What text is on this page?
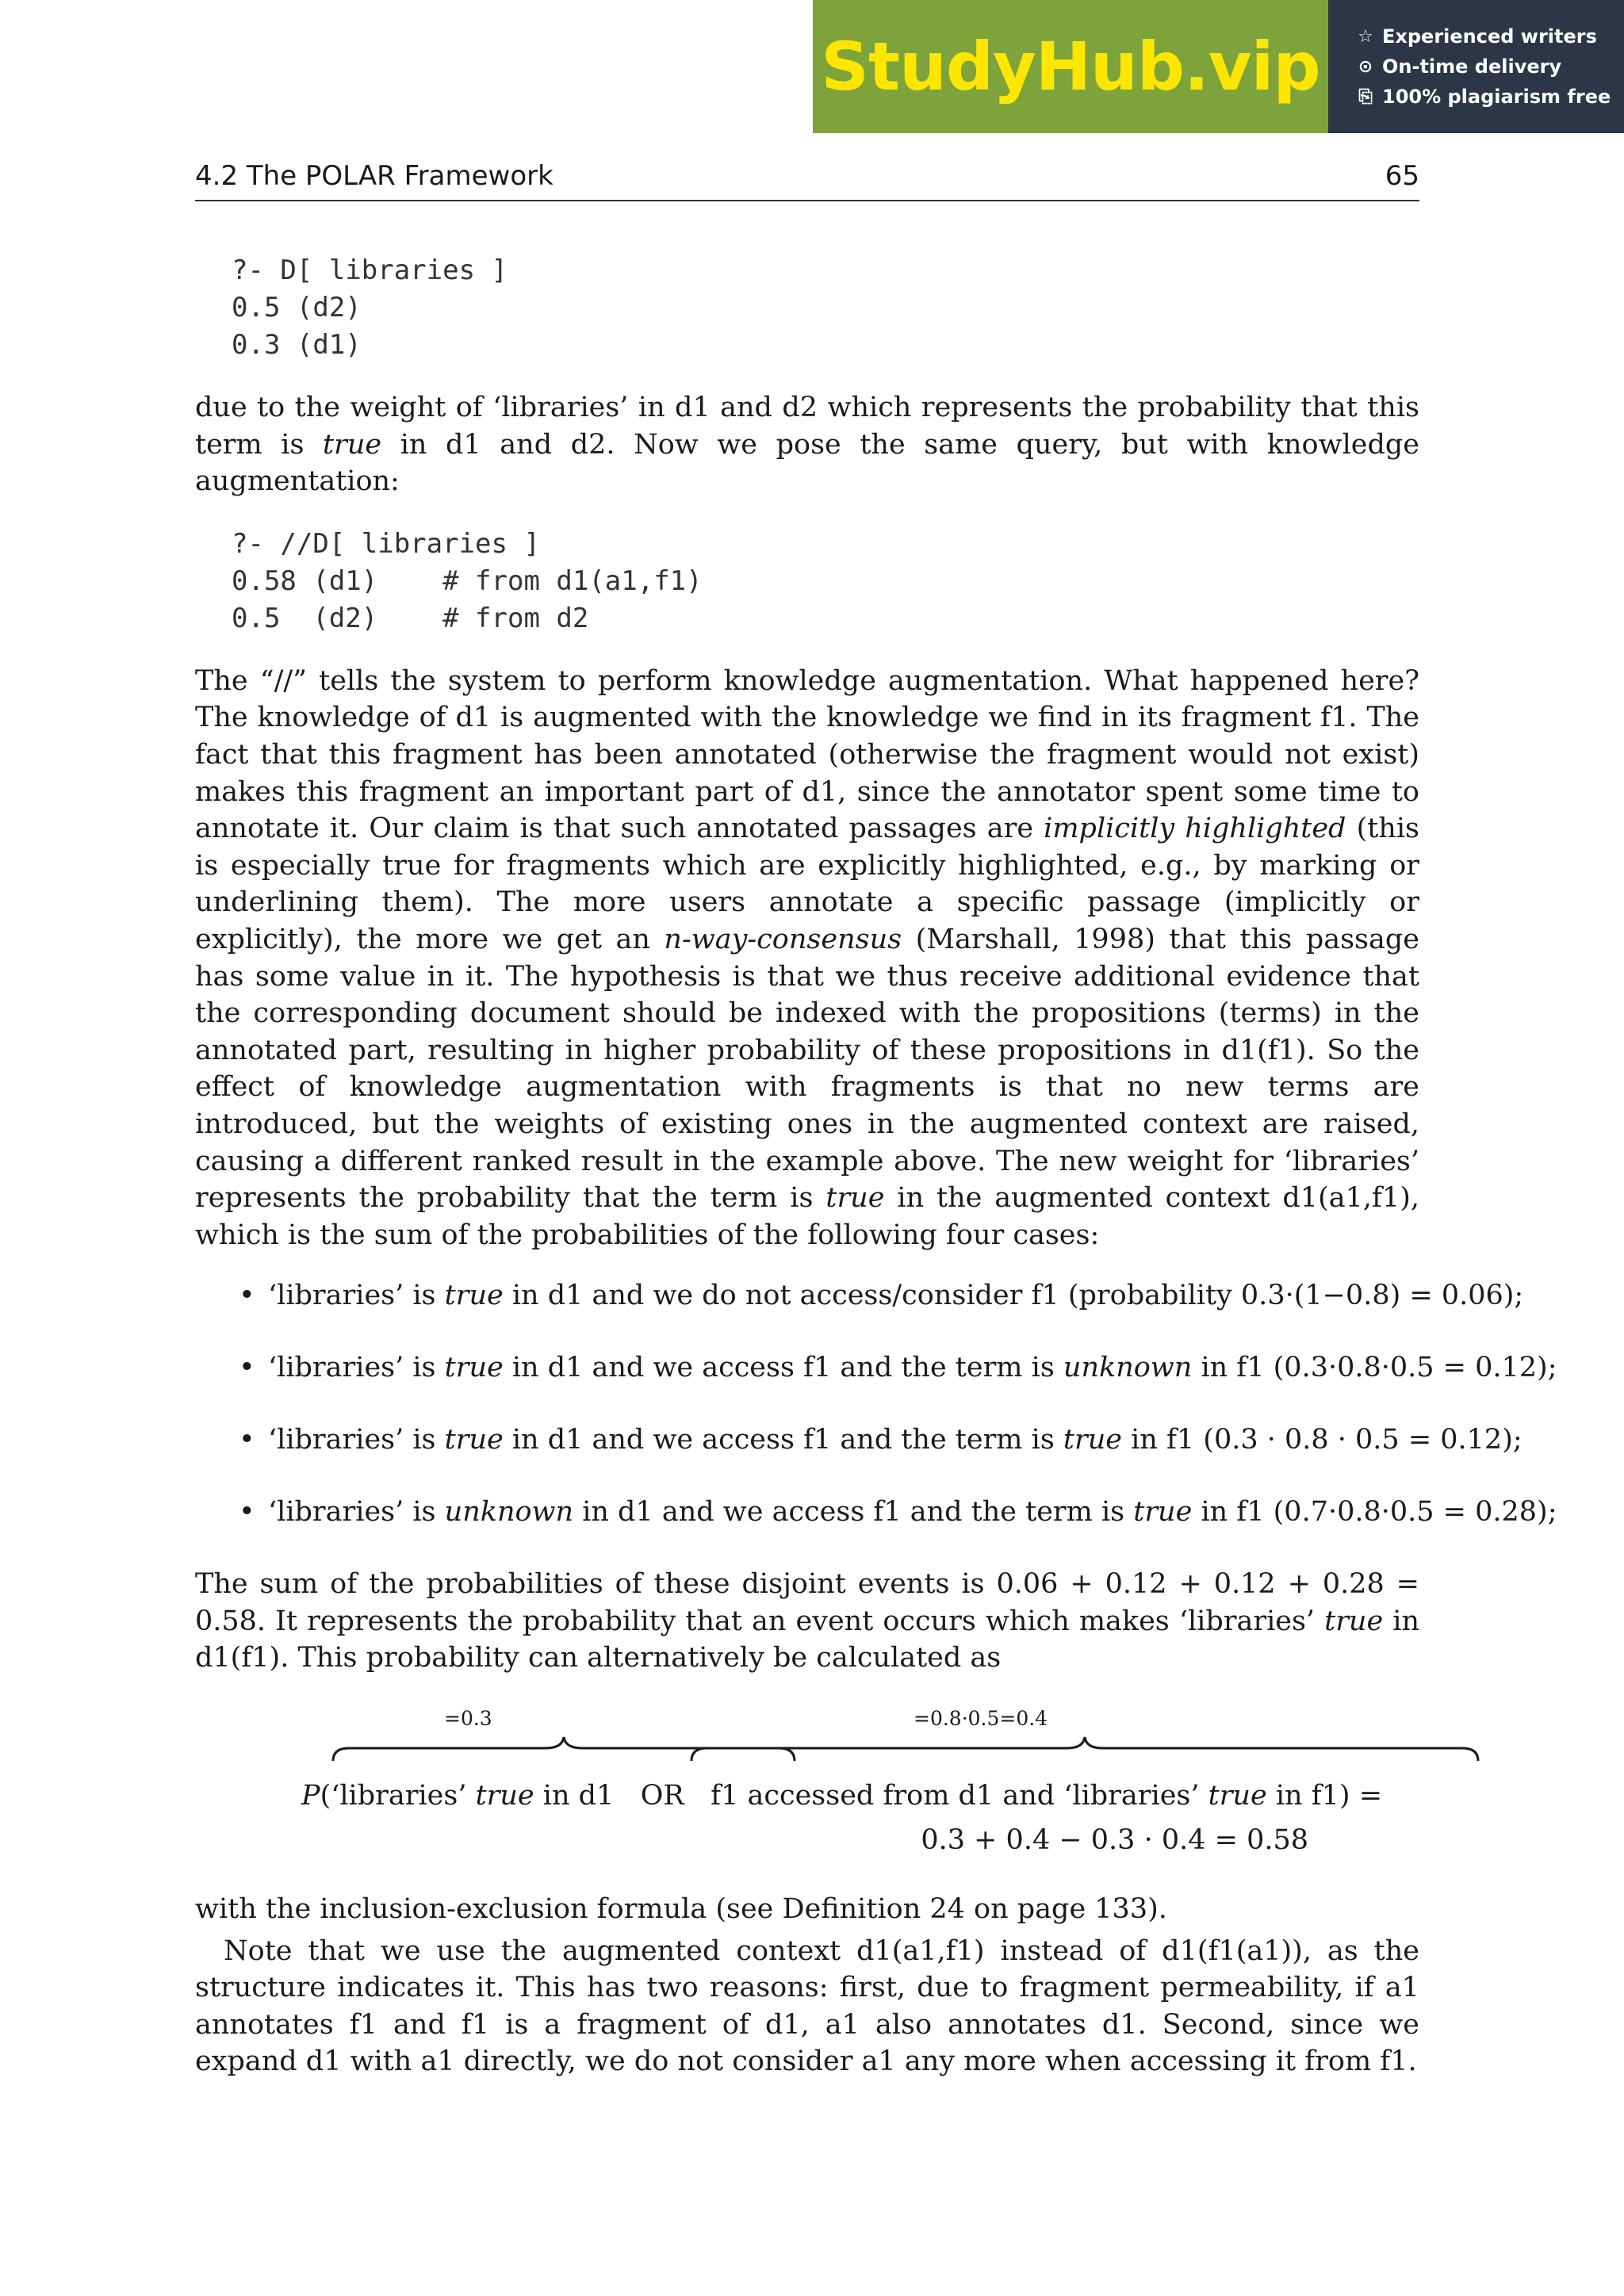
StudyHub.vip ☆ Experienced writers
⊙ On-time delivery
⎘ 100% plagiarism free
4.2 The POLAR Framework	65
?- D[ libraries ]
0.5 (d2)
0.3 (d1)

due to the weight of ‘libraries’ in d1 and d2 which represents the probability that this term is true in d1 and d2. Now we pose the same query, but with knowledge augmentation:

?- //D[ libraries ]
0.58 (d1)    # from d1(a1,f1)
0.5  (d2)    # from d2

The “//” tells the system to perform knowledge augmentation. What happened here? The knowledge of d1 is augmented with the knowledge we find in its fragment f1. The fact that this fragment has been annotated (otherwise the fragment would not exist) makes this fragment an important part of d1, since the annotator spent some time to annotate it. Our claim is that such annotated passages are implicitly highlighted (this is especially true for fragments which are explicitly highlighted, e.g., by marking or underlining them). The more users annotate a specific passage (implicitly or explicitly), the more we get an n-way-consensus (Marshall, 1998) that this passage has some value in it. The hypothesis is that we thus receive additional evidence that the corresponding document should be indexed with the propositions (terms) in the annotated part, resulting in higher probability of these propositions in d1(f1). So the effect of knowledge augmentation with fragments is that no new terms are introduced, but the weights of existing ones in the augmented context are raised, causing a different ranked result in the example above. The new weight for ‘libraries’ represents the probability that the term is true in the augmented context d1(a1,f1), which is the sum of the probabilities of the following four cases:

• ‘libraries’ is true in d1 and we do not access/consider f1 (probability 0.3·(1−0.8) = 0.06);
• ‘libraries’ is true in d1 and we access f1 and the term is unknown in f1 (0.3·0.8·0.5 = 0.12);
• ‘libraries’ is true in d1 and we access f1 and the term is true in f1 (0.3 · 0.8 · 0.5 = 0.12);
• ‘libraries’ is unknown in d1 and we access f1 and the term is true in f1 (0.7·0.8·0.5 = 0.28);

The sum of the probabilities of these disjoint events is 0.06 + 0.12 + 0.12 + 0.28 = 0.58. It represents the probability that an event occurs which makes ‘libraries’ true in d1(f1). This probability can alternatively be calculated as

=0.3	=0.8·0.5=0.4
P(‘libraries’ true in d1 OR f1 accessed from d1 and ‘libraries’ true in f1) =
0.3 + 0.4 − 0.3 · 0.4 = 0.58

with the inclusion-exclusion formula (see Definition 24 on page 133).

Note that we use the augmented context d1(a1,f1) instead of d1(f1(a1)), as the structure indicates it. This has two reasons: first, due to fragment permeability, if a1 annotates f1 and f1 is a fragment of d1, a1 also annotates d1. Second, since we expand d1 with a1 directly, we do not consider a1 any more when accessing it from f1.
